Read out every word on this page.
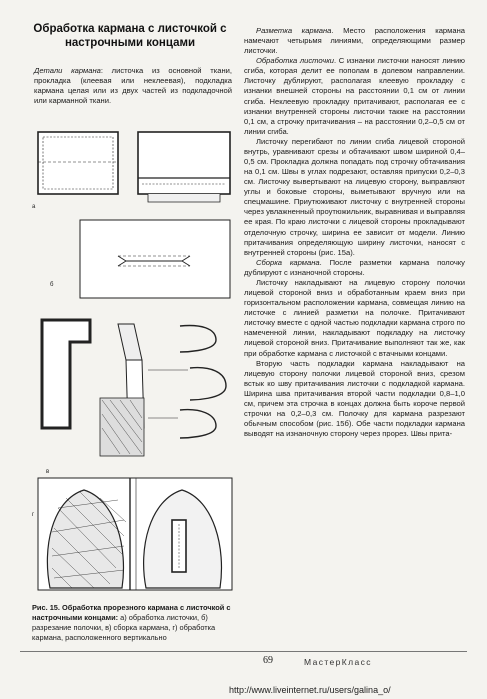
Обработка кармана с листочкой с настрочными концами
Детали кармана: листочка из основной ткани, прокладка (клеевая или неклеевая), подкладка кармана целая или из двух частей из подкладочной или карманной ткани.
а
б
в
г
Рис. 15. Обработка прорезного кармана с листочкой с настрочными концами: а) обработка листочки, б) разрезание полочки, в) сборка кармана, г) обработка кармана, расположенного вертикально

Разметка кармана. Место расположения кармана намечают четырьмя линиями, определяющими размер листочки.

Обработка листочки. С изнанки листочки наносят линию сгиба, которая делит ее пополам в долевом направлении. Листочку дублируют, располагая клеевую прокладку с изнанки внешней стороны на расстоянии 0,1 см от линии сгиба. Неклеевую прокладку притачивают, располагая ее с изнанки внутренней стороны листочки также на расстоянии 0,1 см, а строчку притачивания – на расстоянии 0,2–0,5 см от линии сгиба.

Листочку перегибают по линии сгиба лицевой стороной внутрь, уравнивают срезы и обтачивают швом шириной 0,4–0,5 см. Прокладка должна попадать под строчку обтачивания на 0,1 см. Швы в углах подрезают, оставляя припуски 0,2–0,3 см. Листочку вывертывают на лицевую сторону, выправляют углы и боковые стороны, выметывают вручную или на спецмашине. Приутюживают листочку с внутренней стороны через увлажненный проутюжильник, выравнивая и выправляя ее края. По краю листочки с лицевой стороны прокладывают отделочную строчку, ширина ее зависит от модели. Линию притачивания определяющую ширину листочки, наносят с внутренней стороны (рис. 15а).

Сборка кармана. После разметки кармана полочку дублируют с изнаночной стороны.

Листочку накладывают на лицевую сторону полочки лицевой стороной вниз и обработанным краем вниз при горизонтальном расположении кармана, совмещая линию на листочке с линией разметки на полочке. Притачивают листочку вместе с одной частью подкладки кармана строго по намеченной линии, накладывают подкладку на листочку лицевой стороной вниз. Притачивание выполняют так же, как при обработке кармана с листочкой с втачными концами.

Вторую часть подкладки кармана накладывают на лицевую сторону полочки лицевой стороной вниз, срезом встык ко шву притачивания листочки с подкладкой кармана. Ширина шва притачивания второй части подкладки 0,8–1,0 см, причем эта строчка в концах должна быть короче первой строчки на 0,2–0,3 см. Полочку для кармана разрезают обычным способом (рис. 15б). Обе части подкладки кармана выводят на изнаночную сторону через прорез. Швы прита-

69	МастерКласс
http://www.liveinternet.ru/users/galina_o/
